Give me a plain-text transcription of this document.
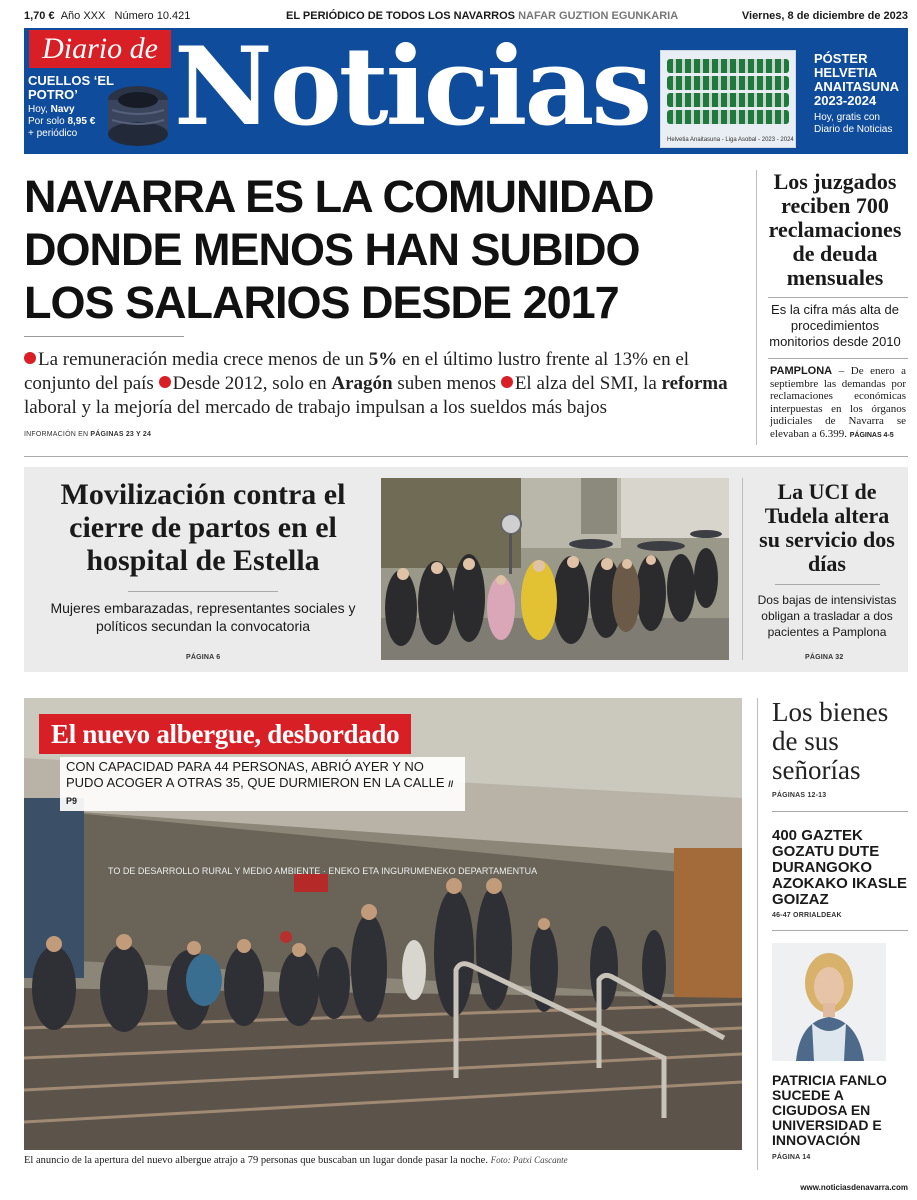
1,70 € Año XXX Número 10.421	EL PERIÓDICO DE TODOS LOS NAVARROS NAFAR GUZTION EGUNKARIA	Viernes, 8 de diciembre de 2023
Diario de Noticias
CUELLOS ‘EL POTRO’
Hoy, Navy
Por solo 8,95 €
+ periódico
Helvetia Anaitasuna - Liga Asobal - 2023 - 2024
PÓSTER HELVETIA ANAITASUNA 2023-2024
Hoy, gratis con Diario de Noticias
NAVARRA ES LA COMUNIDAD DONDE MENOS HAN SUBIDO LOS SALARIOS DESDE 2017
La remuneración media crece menos de un 5% en el último lustro frente al 13% en el conjunto del país Desde 2012, solo en Aragón suben menos El alza del SMI, la reforma laboral y la mejoría del mercado de trabajo impulsan a los sueldos más bajos
INFORMACIÓN EN PÁGINAS 23 Y 24
Los juzgados reciben 700 reclamaciones de deuda mensuales
Es la cifra más alta de procedimientos monitorios desde 2010
PAMPLONA – De enero a septiembre las demandas por reclamaciones económicas interpuestas en los órganos judiciales de Navarra se elevaban a 6.399. PÁGINAS 4-5
Movilización contra el cierre de partos en el hospital de Estella
Mujeres embarazadas, representantes sociales y políticos secundan la convocatoria
PÁGINA 6
La UCI de Tudela altera su servicio dos días
Dos bajas de intensivistas obligan a trasladar a dos pacientes a Pamplona
PÁGINA 32
TO DE DESARROLLO RURAL Y MEDIO AMBIENTE · ENEKO ETA INGURUMENEKO DEPARTAMENTUA
El nuevo albergue, desbordado
CON CAPACIDAD PARA 44 PERSONAS, ABRIÓ AYER Y NO PUDO ACOGER A OTRAS 35, QUE DURMIERON EN LA CALLE // P9
El anuncio de la apertura del nuevo albergue atrajo a 79 personas que buscaban un lugar donde pasar la noche. Foto: Patxi Cascante
Los bienes de sus señorías
PÁGINAS 12-13
400 GAZTEK GOZATU DUTE DURANGOKO AZOKAKO IKASLE GOIZAZ
46-47 ORRIALDEAK
PATRICIA FANLO SUCEDE A CIGUDOSA EN UNIVERSIDAD E INNOVACIÓN
PÁGINA 14
www.noticiasdenavarra.com
